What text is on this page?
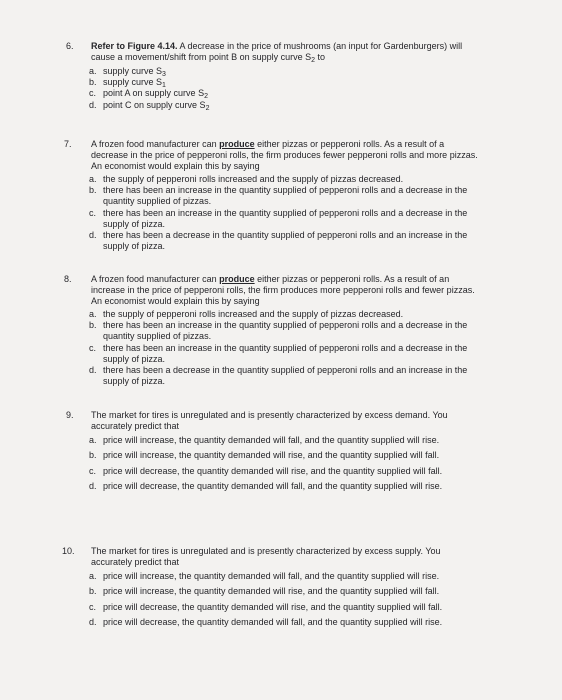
6. Refer to Figure 4.14. A decrease in the price of mushrooms (an input for Gardenburgers) will cause a movement/shift from point B on supply curve $S_2$ to
a. supply curve $S_3$
b. supply curve $S_1$
c. point A on supply curve $S_2$
d. point C on supply curve $S_2$
7. A frozen food manufacturer can produce either pizzas or pepperoni rolls. As a result of a decrease in the price of pepperoni rolls, the firm produces fewer pepperoni rolls and more pizzas. An economist would explain this by saying
a. the supply of pepperoni rolls increased and the supply of pizzas decreased.
b. there has been an increase in the quantity supplied of pepperoni rolls and a decrease in the quantity supplied of pizzas.
c. there has been an increase in the quantity supplied of pepperoni rolls and a decrease in the supply of pizza.
d. there has been a decrease in the quantity supplied of pepperoni rolls and an increase in the supply of pizza.
8. A frozen food manufacturer can produce either pizzas or pepperoni rolls. As a result of an increase in the price of pepperoni rolls, the firm produces more pepperoni rolls and fewer pizzas. An economist would explain this by saying
a. the supply of pepperoni rolls increased and the supply of pizzas decreased.
b. there has been an increase in the quantity supplied of pepperoni rolls and a decrease in the quantity supplied of pizzas.
c. there has been an increase in the quantity supplied of pepperoni rolls and a decrease in the supply of pizza.
d. there has been a decrease in the quantity supplied of pepperoni rolls and an increase in the supply of pizza.
9. The market for tires is unregulated and is presently characterized by excess demand. You accurately predict that
a. price will increase, the quantity demanded will fall, and the quantity supplied will rise.
b. price will increase, the quantity demanded will rise, and the quantity supplied will fall.
c. price will decrease, the quantity demanded will rise, and the quantity supplied will fall.
d. price will decrease, the quantity demanded will fall, and the quantity supplied will rise.
10. The market for tires is unregulated and is presently characterized by excess supply. You accurately predict that
a. price will increase, the quantity demanded will fall, and the quantity supplied will rise.
b. price will increase, the quantity demanded will rise, and the quantity supplied will fall.
c. price will decrease, the quantity demanded will rise, and the quantity supplied will fall.
d. price will decrease, the quantity demanded will fall, and the quantity supplied will rise.
